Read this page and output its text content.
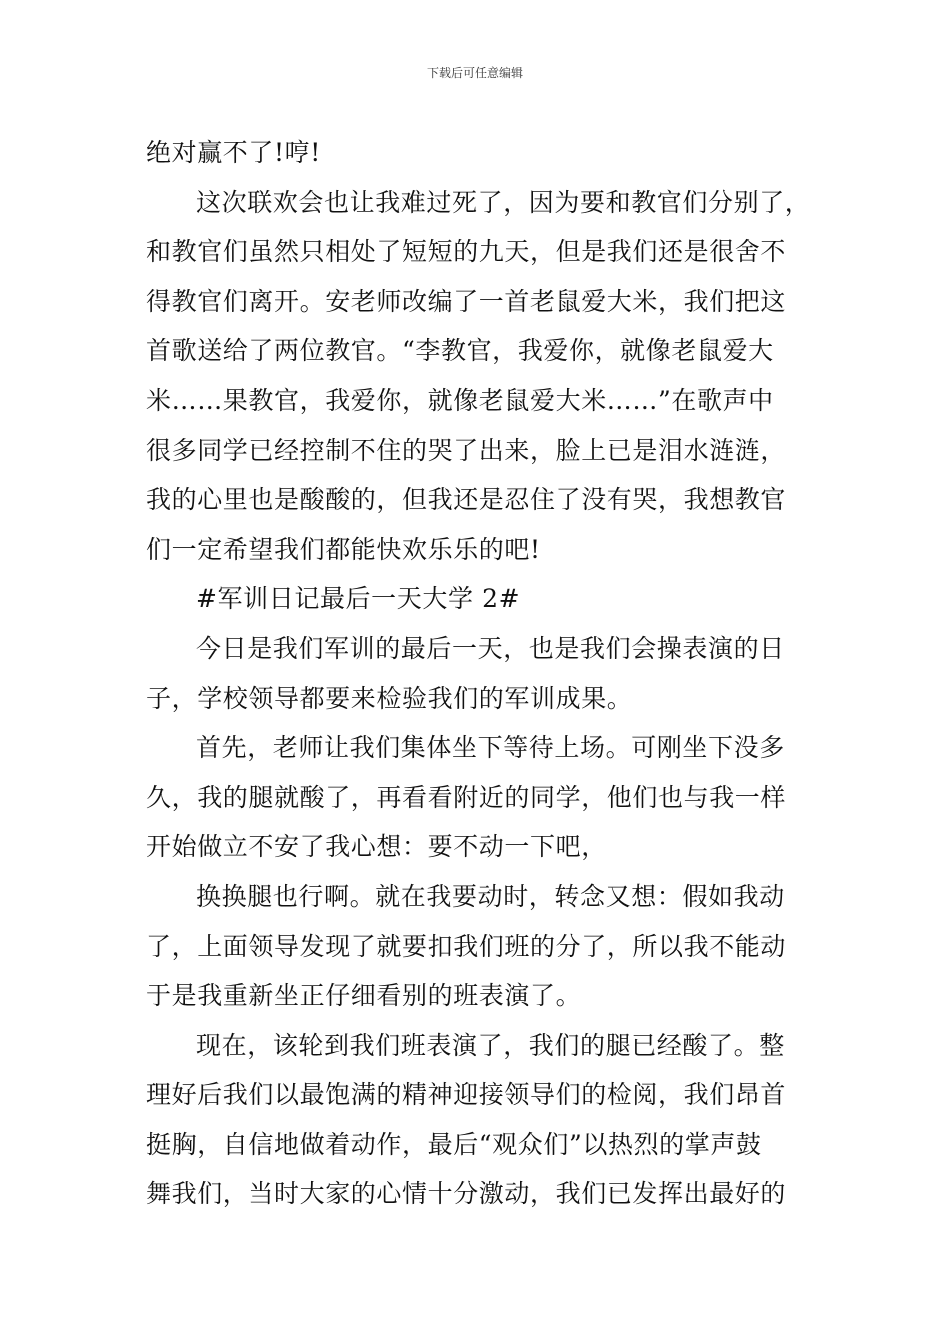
下载后可任意编辑
绝对赢不了!哼!
这次联欢会也让我难过死了，因为要和教官们分别了，
和教官们虽然只相处了短短的九天，但是我们还是很舍不
得教官们离开。安老师改编了一首老鼠爱大米，我们把这
首歌送给了两位教官。“李教官，我爱你，就像老鼠爱大
米……果教官，我爱你，就像老鼠爱大米……”在歌声中
很多同学已经控制不住的哭了出来，脸上已是泪水涟涟，
我的心里也是酸酸的，但我还是忍住了没有哭，我想教官
们一定希望我们都能快欢乐乐的吧!
#军训日记最后一天大学 2#
今日是我们军训的最后一天，也是我们会操表演的日
子，学校领导都要来检验我们的军训成果。
首先，老师让我们集体坐下等待上场。可刚坐下没多
久，我的腿就酸了，再看看附近的同学，他们也与我一样
开始做立不安了我心想：要不动一下吧，
换换腿也行啊。就在我要动时，转念又想：假如我动
了，上面领导发现了就要扣我们班的分了，所以我不能动
于是我重新坐正仔细看别的班表演了。
现在，该轮到我们班表演了，我们的腿已经酸了。整
理好后我们以最饱满的精神迎接领导们的检阅，我们昂首
挺胸，自信地做着动作，最后“观众们”以热烈的掌声鼓
舞我们，当时大家的心情十分激动，我们已发挥出最好的
